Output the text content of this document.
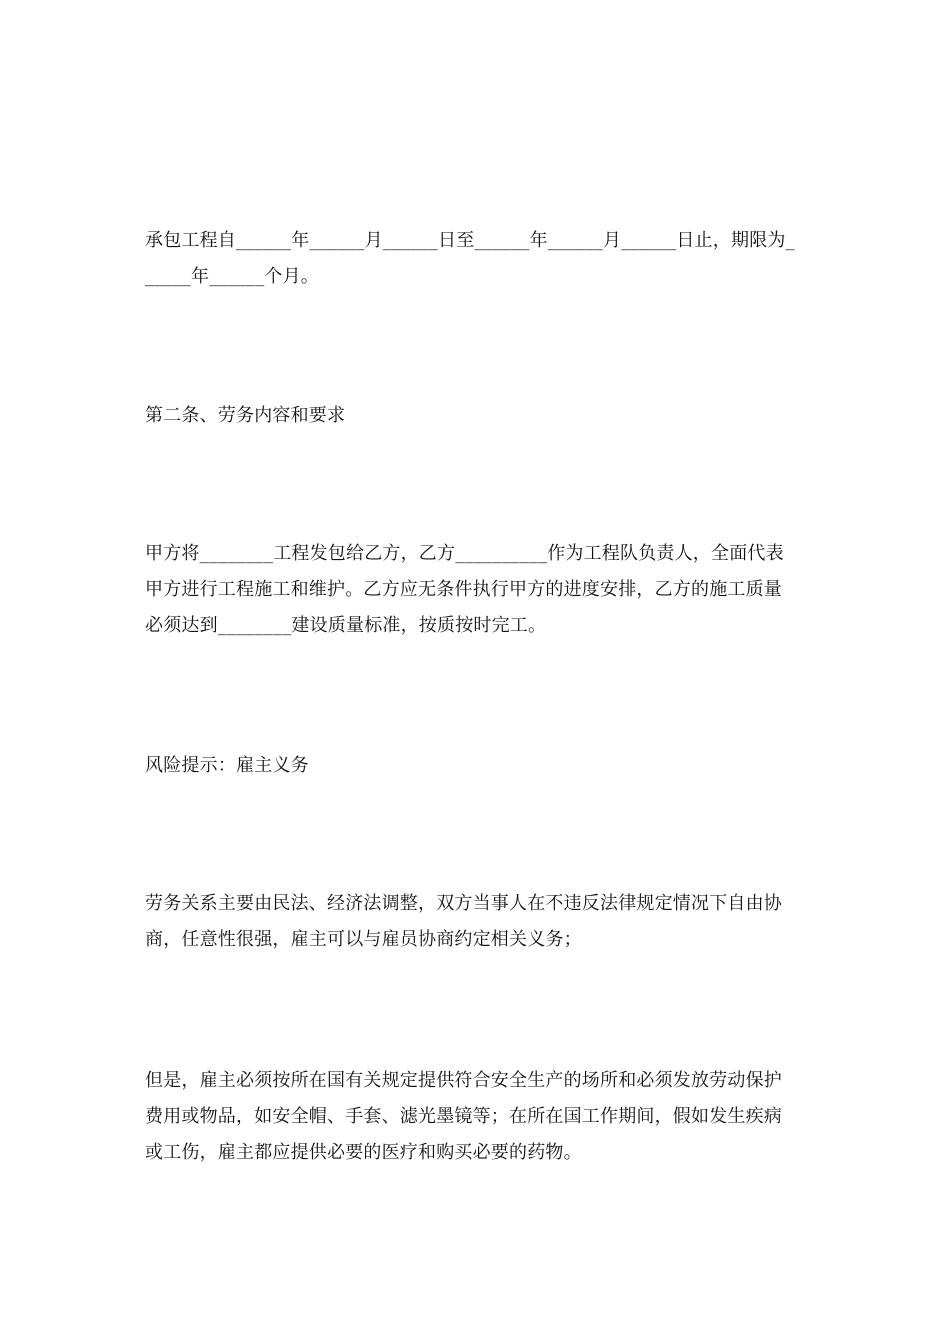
承包工程自______年______月______日至______年______月______日止，期限为______年______个月。

第二条、劳务内容和要求

甲方将________工程发包给乙方，乙方__________作为工程队负责人，全面代表甲方进行工程施工和维护。乙方应无条件执行甲方的进度安排，乙方的施工质量必须达到________建设质量标准，按质按时完工。

风险提示：雇主义务

劳务关系主要由民法、经济法调整，双方当事人在不违反法律规定情况下自由协商，任意性很强，雇主可以与雇员协商约定相关义务；

但是，雇主必须按所在国有关规定提供符合安全生产的场所和必须发放劳动保护费用或物品，如安全帽、手套、滤光墨镜等；在所在国工作期间，假如发生疾病或工伤，雇主都应提供必要的医疗和购买必要的药物。
